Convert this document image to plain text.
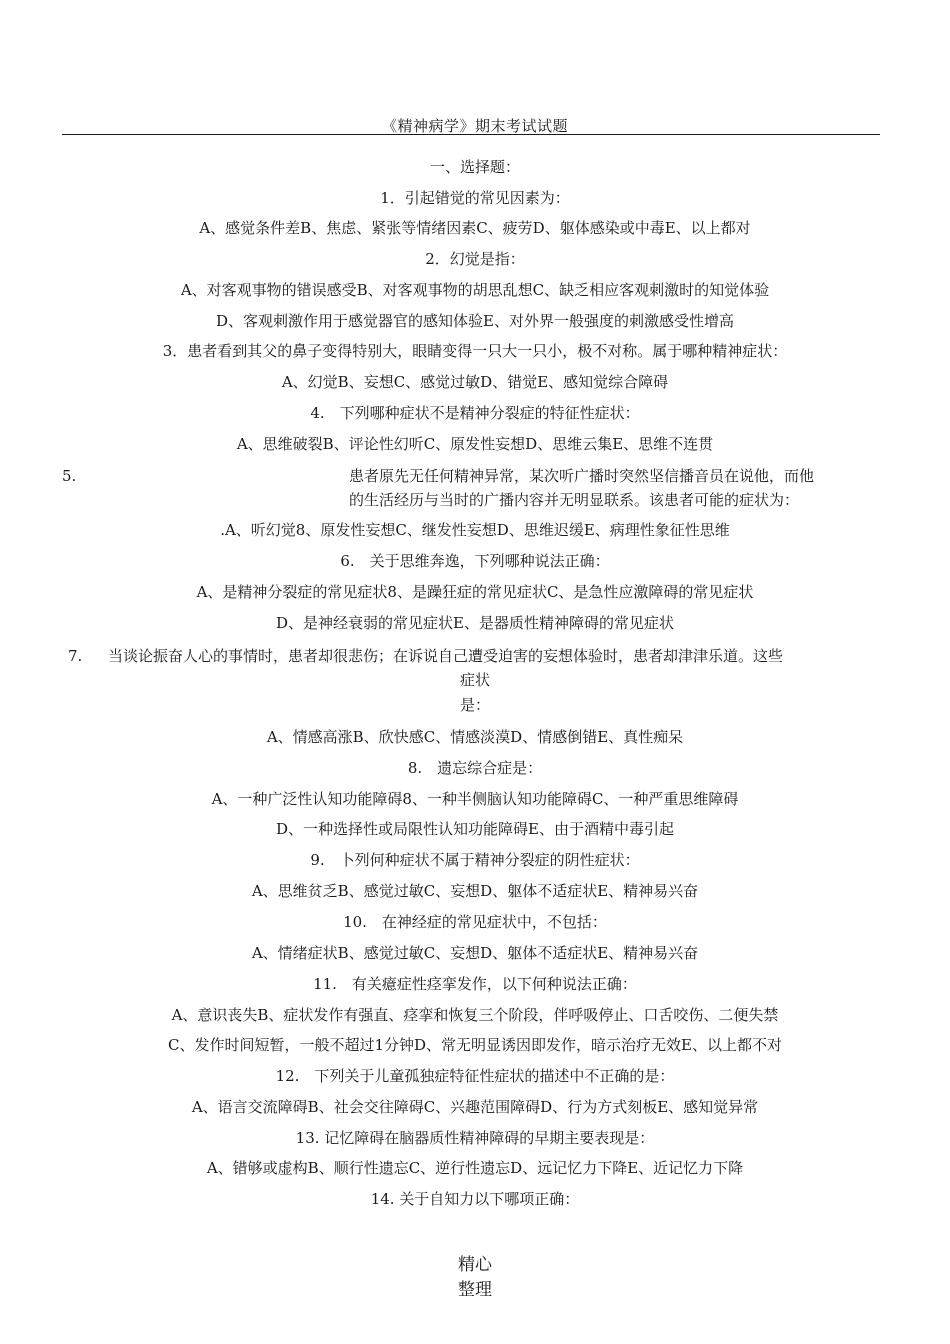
《精神病学》期末考试试题
一、选择题：
1．引起错觉的常见因素为：
A、感觉条件差B、焦虑、紧张等情绪因素C、疲劳D、躯体感染或中毒E、以上都对
2．幻觉是指：
A、对客观事物的错误感受B、对客观事物的胡思乱想C、缺乏相应客观刺激时的知觉体验
D、客观刺激作用于感觉器官的感知体验E、对外界一般强度的刺激感受性增高
3．患者看到其父的鼻子变得特别大，眼睛变得一只大一只小，极不对称。属于哪种精神症状：
A、幻觉B、妄想C、感觉过敏D、错觉E、感知觉综合障碍
4.　下列哪种症状不是精神分裂症的特征性症状：
A、思维破裂B、评论性幻听C、原发性妄想D、思维云集E、思维不连贯
5.	患者原先无任何精神异常，某次听广播时突然坚信播音员在说他，而他
的生活经历与当时的广播内容并无明显联系。该患者可能的症状为：
.A、听幻觉8、原发性妄想C、继发性妄想D、思维迟缓E、病理性象征性思维
6.　关于思维奔逸，下列哪种说法正确：
A、是精神分裂症的常见症状8、是躁狂症的常见症状C、是急性应激障碍的常见症状
D、是神经衰弱的常见症状E、是器质性精神障碍的常见症状
7. 当谈论振奋人心的事情时，患者却很悲伤；在诉说自己遭受迫害的妄想体验时，患者却津津乐道。这些
症状
是：
A、情感高涨B、欣快感C、情感淡漠D、情感倒错E、真性痴呆
8.　遗忘综合症是：
A、一种广泛性认知功能障碍8、一种半侧脑认知功能障碍C、一种严重思维障碍
D、一种选择性或局限性认知功能障碍E、由于酒精中毒引起
9.　卜列何种症状不属于精神分裂症的阴性症状：
A、思维贫乏B、感觉过敏C、妄想D、躯体不适症状E、精神易兴奋
10.　在神经症的常见症状中，不包括：
A、情绪症状B、感觉过敏C、妄想D、躯体不适症状E、精神易兴奋
11.　有关癔症性痉挛发作，以下何种说法正确：
A、意识丧失B、症状发作有强直、痉挛和恢复三个阶段，伴呼吸停止、口舌咬伤、二便失禁
C、发作时间短暂，一般不超过1分钟D、常无明显诱因即发作，暗示治疗无效E、以上都不对
12.　下列关于儿童孤独症特征性症状的描述中不正确的是：
A、语言交流障碍B、社会交往障碍C、兴趣范围障碍D、行为方式刻板E、感知觉异常
13. 记忆障碍在脑器质性精神障碍的早期主要表现是：
A、错够或虚构B、顺行性遗忘C、逆行性遗忘D、远记忆力下降E、近记忆力下降
14. 关于自知力以下哪项正确：
精心
整理
